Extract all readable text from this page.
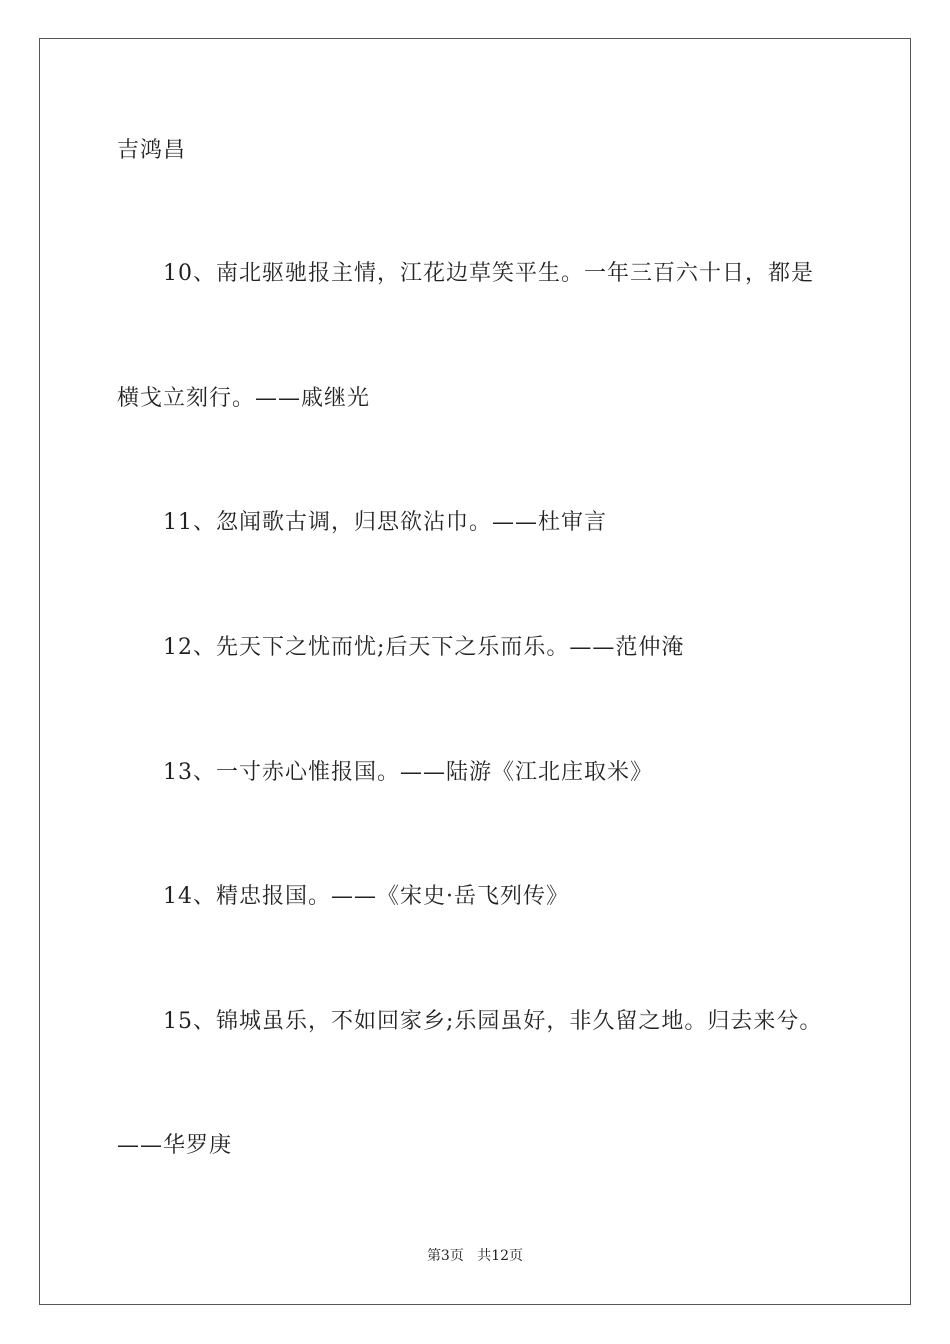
吉鸿昌
10、南北驱驰报主情，江花边草笑平生。一年三百六十日，都是
横戈立刻行。——戚继光
11、忽闻歌古调，归思欲沾巾。——杜审言
12、先天下之忧而忧;后天下之乐而乐。——范仲淹
13、一寸赤心惟报国。——陆游《江北庄取米》
14、精忠报国。——《宋史·岳飞列传》
15、锦城虽乐，不如回家乡;乐园虽好，非久留之地。归去来兮。
——华罗庚
第3页 共12页
